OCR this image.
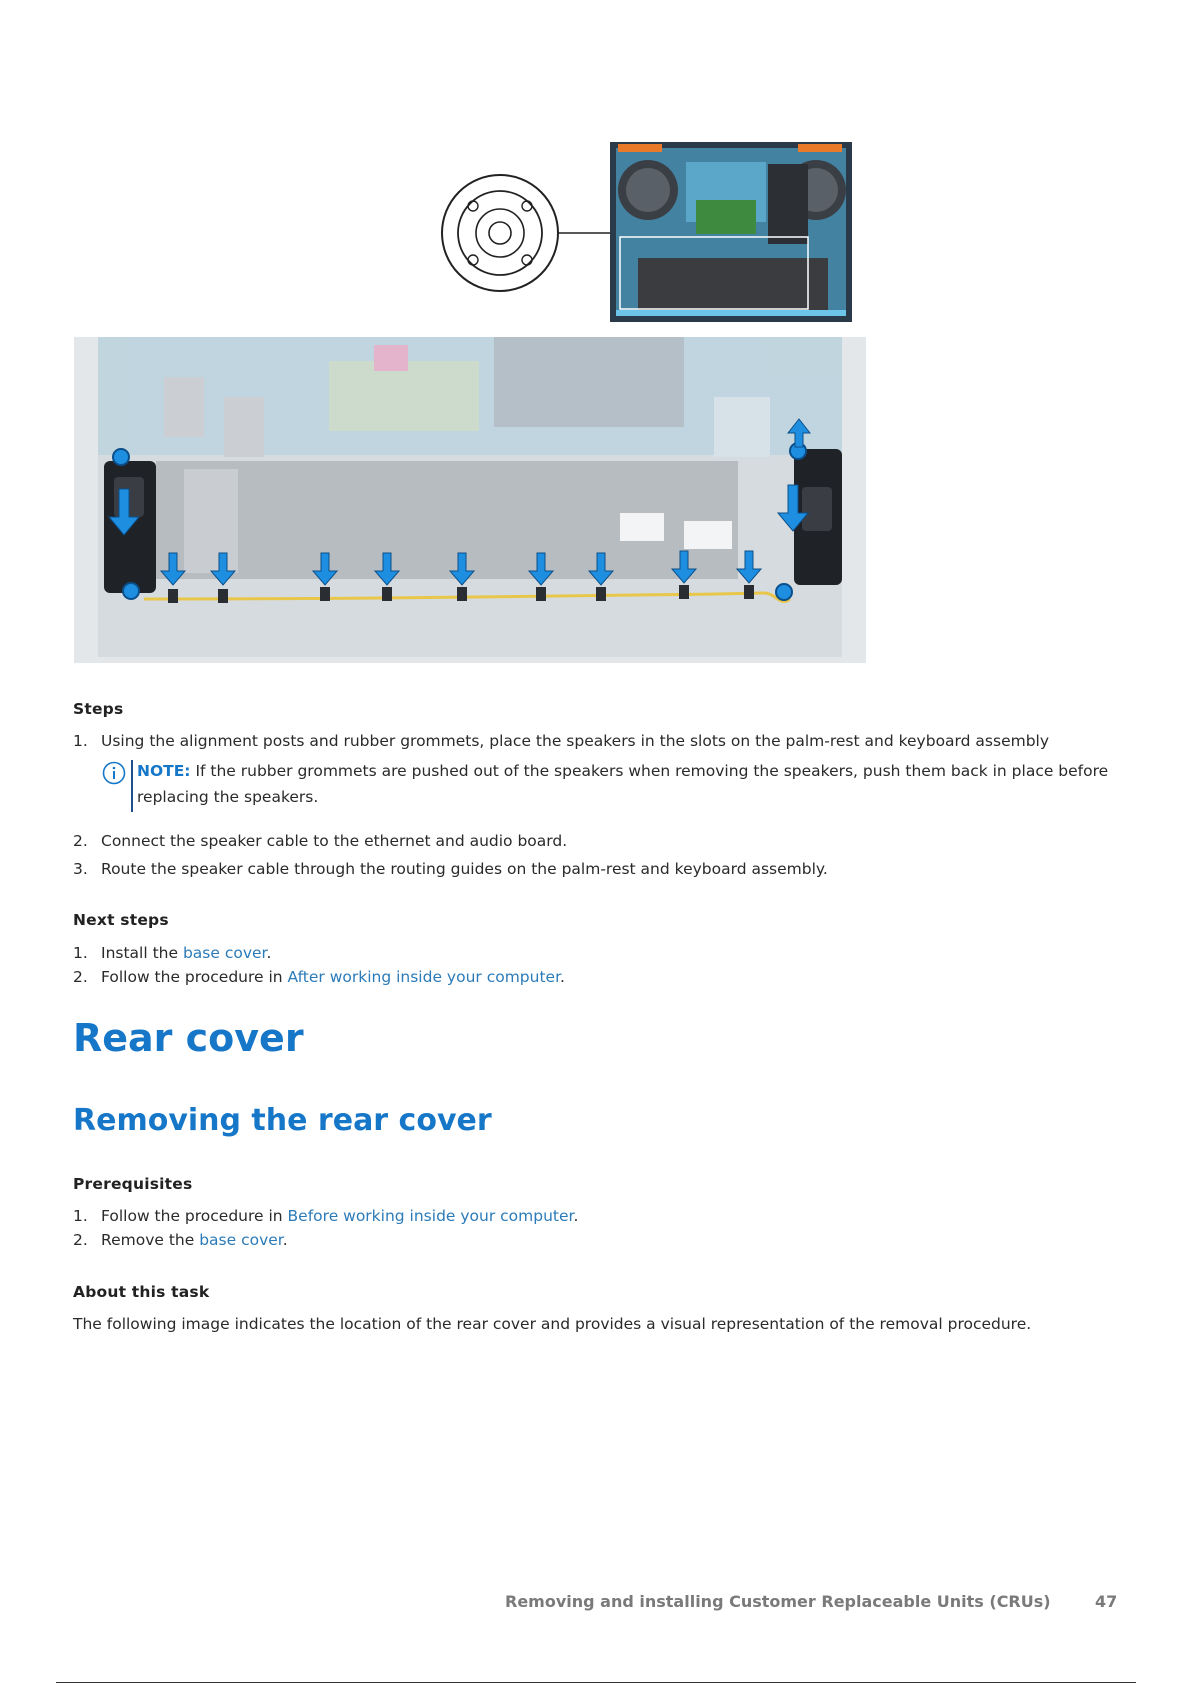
Steps
1. Using the alignment posts and rubber grommets, place the speakers in the slots on the palm-rest and keyboard assembly
NOTE: If the rubber grommets are pushed out of the speakers when removing the speakers, push them back in place before replacing the speakers.
2. Connect the speaker cable to the ethernet and audio board.
3. Route the speaker cable through the routing guides on the palm-rest and keyboard assembly.
Next steps
1. Install the base cover.
2. Follow the procedure in After working inside your computer.
Rear cover
Removing the rear cover
Prerequisites
1. Follow the procedure in Before working inside your computer.
2. Remove the base cover.
About this task
The following image indicates the location of the rear cover and provides a visual representation of the removal procedure.
Removing and installing Customer Replaceable Units (CRUs)	47
